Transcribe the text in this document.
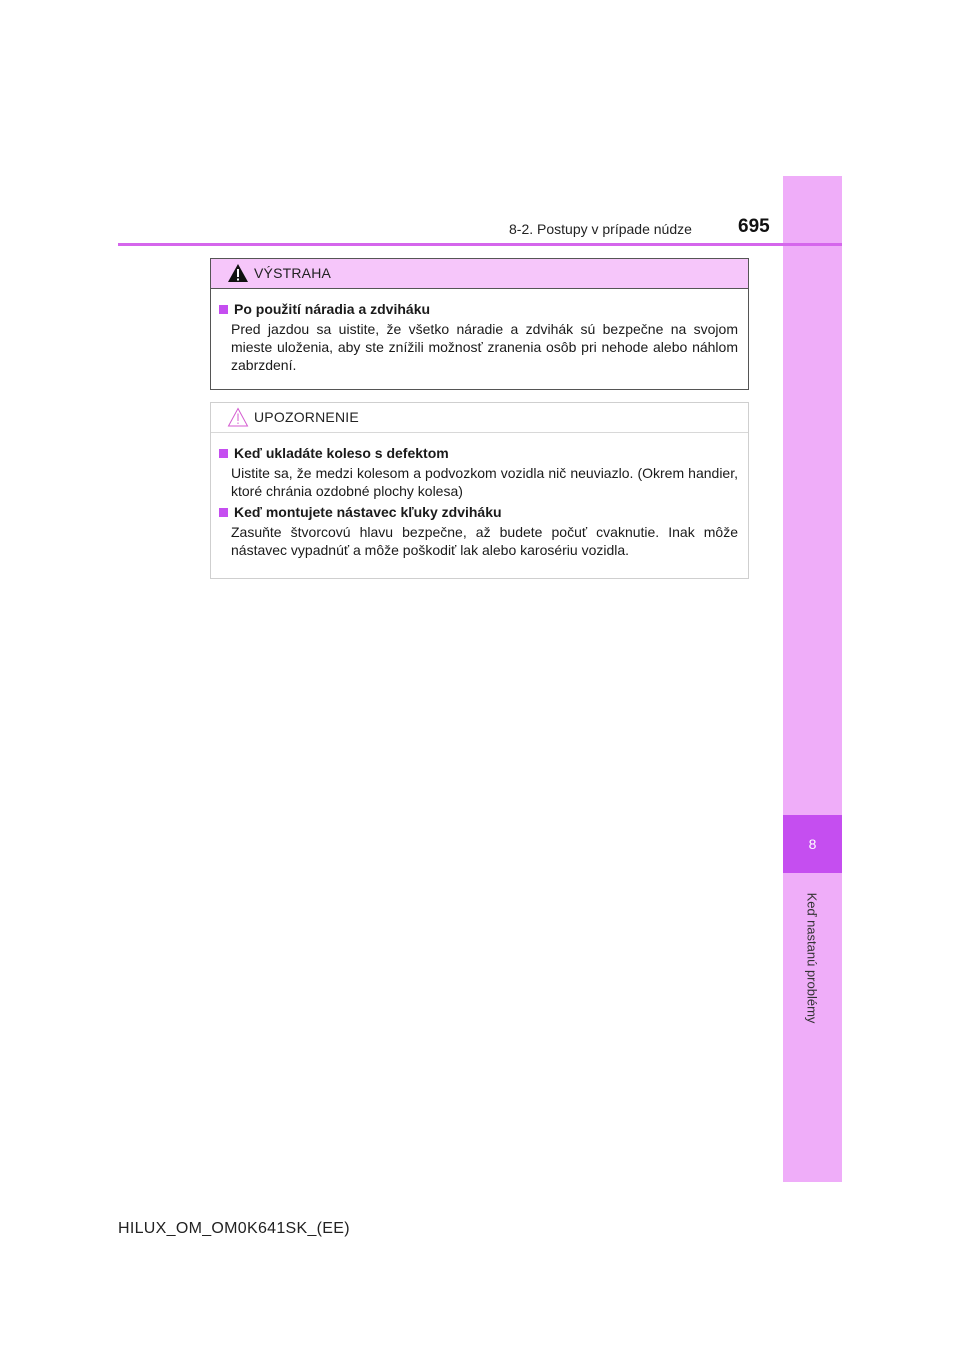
8
Keď nastanú problémy
8-2. Postupy v prípade núdze 695
VÝSTRAHA
Po použití náradia a zdviháku
Pred jazdou sa uistite, že všetko náradie a zdvihák sú bezpečne na svojom mieste uloženia, aby ste znížili možnosť zranenia osôb pri nehode alebo náhlom zabrzdení.
UPOZORNENIE
Keď ukladáte koleso s defektom
Uistite sa, že medzi kolesom a podvozkom vozidla nič neuviazlo. (Okrem handier, ktoré chránia ozdobné plochy kolesa)
Keď montujete nástavec kľuky zdviháku
Zasuňte štvorcovú hlavu bezpečne, až budete počuť cvaknutie. Inak môže nástavec vypadnúť a môže poškodiť lak alebo karosériu vozidla.
HILUX_OM_OM0K641SK_(EE)
